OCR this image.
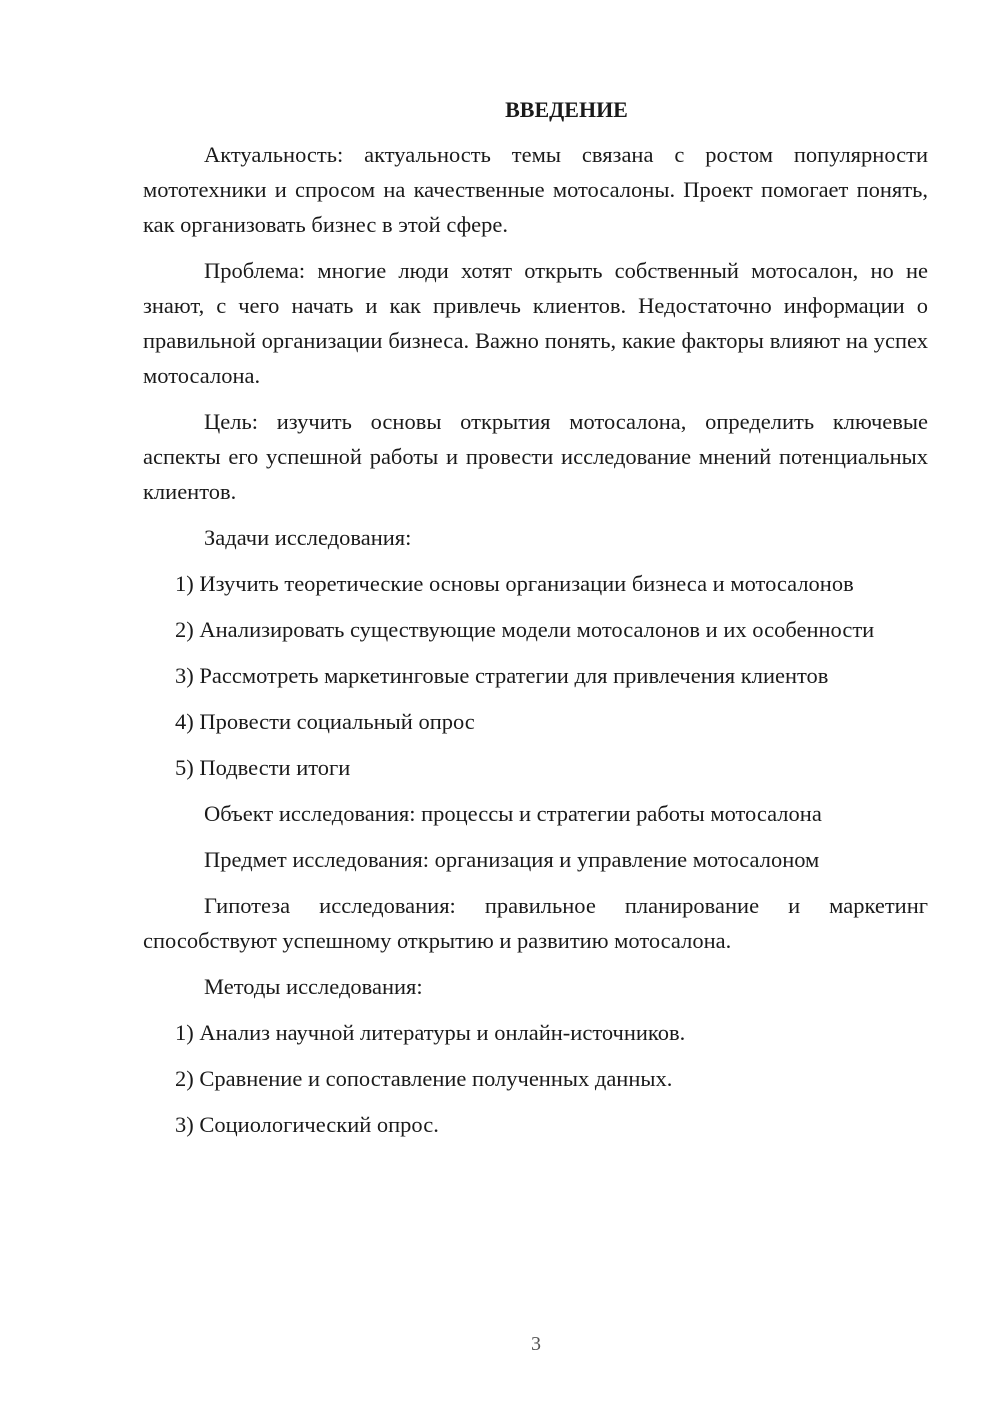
ВВЕДЕНИЕ

Актуальность: актуальность темы связана с ростом популярности мототехники и спросом на качественные мотосалоны. Проект помогает понять, как организовать бизнес в этой сфере.

Проблема: многие люди хотят открыть собственный мотосалон, но не знают, с чего начать и как привлечь клиентов. Недостаточно информации о правильной организации бизнеса. Важно понять, какие факторы влияют на успех мотосалона.

Цель: изучить основы открытия мотосалона, определить ключевые аспекты его успешной работы и провести исследование мнений потенциальных клиентов.

Задачи исследования:

1) Изучить теоретические основы организации бизнеса и мотосалонов

2) Анализировать существующие модели мотосалонов и их особенности

3) Рассмотреть маркетинговые стратегии для привлечения клиентов

4) Провести социальный опрос

5) Подвести итоги

Объект исследования: процессы и стратегии работы мотосалона

Предмет исследования: организация и управление мотосалоном

Гипотеза исследования: правильное планирование и маркетинг способствуют успешному открытию и развитию мотосалона.

Методы исследования:

1) Анализ научной литературы и онлайн-источников.

2) Сравнение и сопоставление полученных данных.

3) Социологический опрос.

3
